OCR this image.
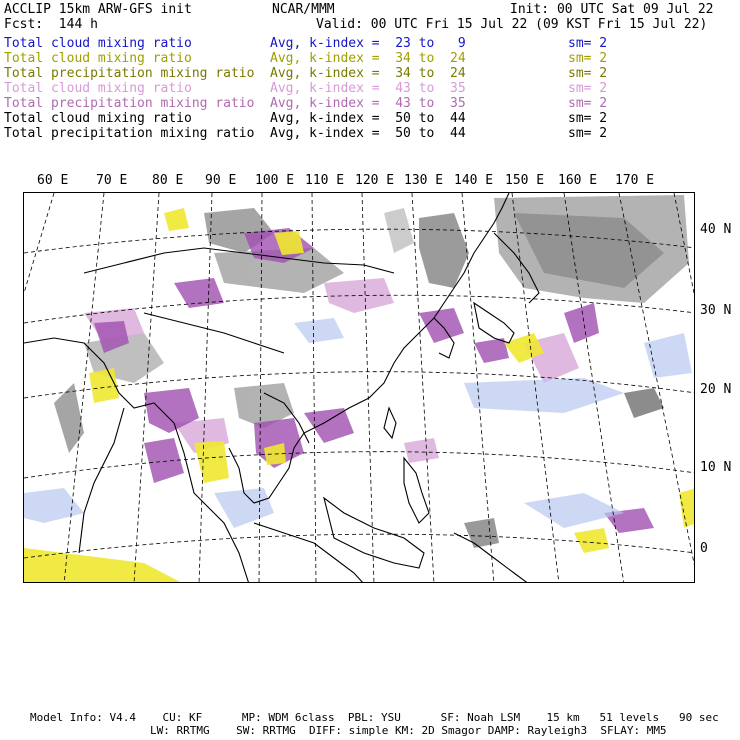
ACCLIP 15km ARW-GFS init	NCAR/MMM	Init: 00 UTC Sat 09 Jul 22
Fcst:  144 h	Valid: 00 UTC Fri 15 Jul 22 (09 KST Fri 15 Jul 22)
Total cloud mixing ratio	Avg, k-index =  23 to   9	sm= 2
Total cloud mixing ratio	Avg, k-index =  34 to  24	sm= 2
Total precipitation mixing ratio Avg, k-index =  34 to  24	sm= 2
Total cloud mixing ratio	Avg, k-index =  43 to  35	sm= 2
Total precipitation mixing ratio Avg, k-index =  43 to  35	sm= 2
Total cloud mixing ratio	Avg, k-index =  50 to  44	sm= 2
Total precipitation mixing ratio Avg, k-index =  50 to  44	sm= 2
60 E 70 E 80 E 90 E 100 E 110 E 120 E 130 E 140 E 150 E 160 E 170 E
40 N
30 N
20 N
10 N
0
Model Info: V4.4    CU: KF      MP: WDM 6class  PBL: YSU      SF: Noah LSM    15 km   51 levels   90 sec
LW: RRTMG    SW: RRTMG  DIFF: simple KM: 2D Smagor DAMP: Rayleigh3  SFLAY: MM5
